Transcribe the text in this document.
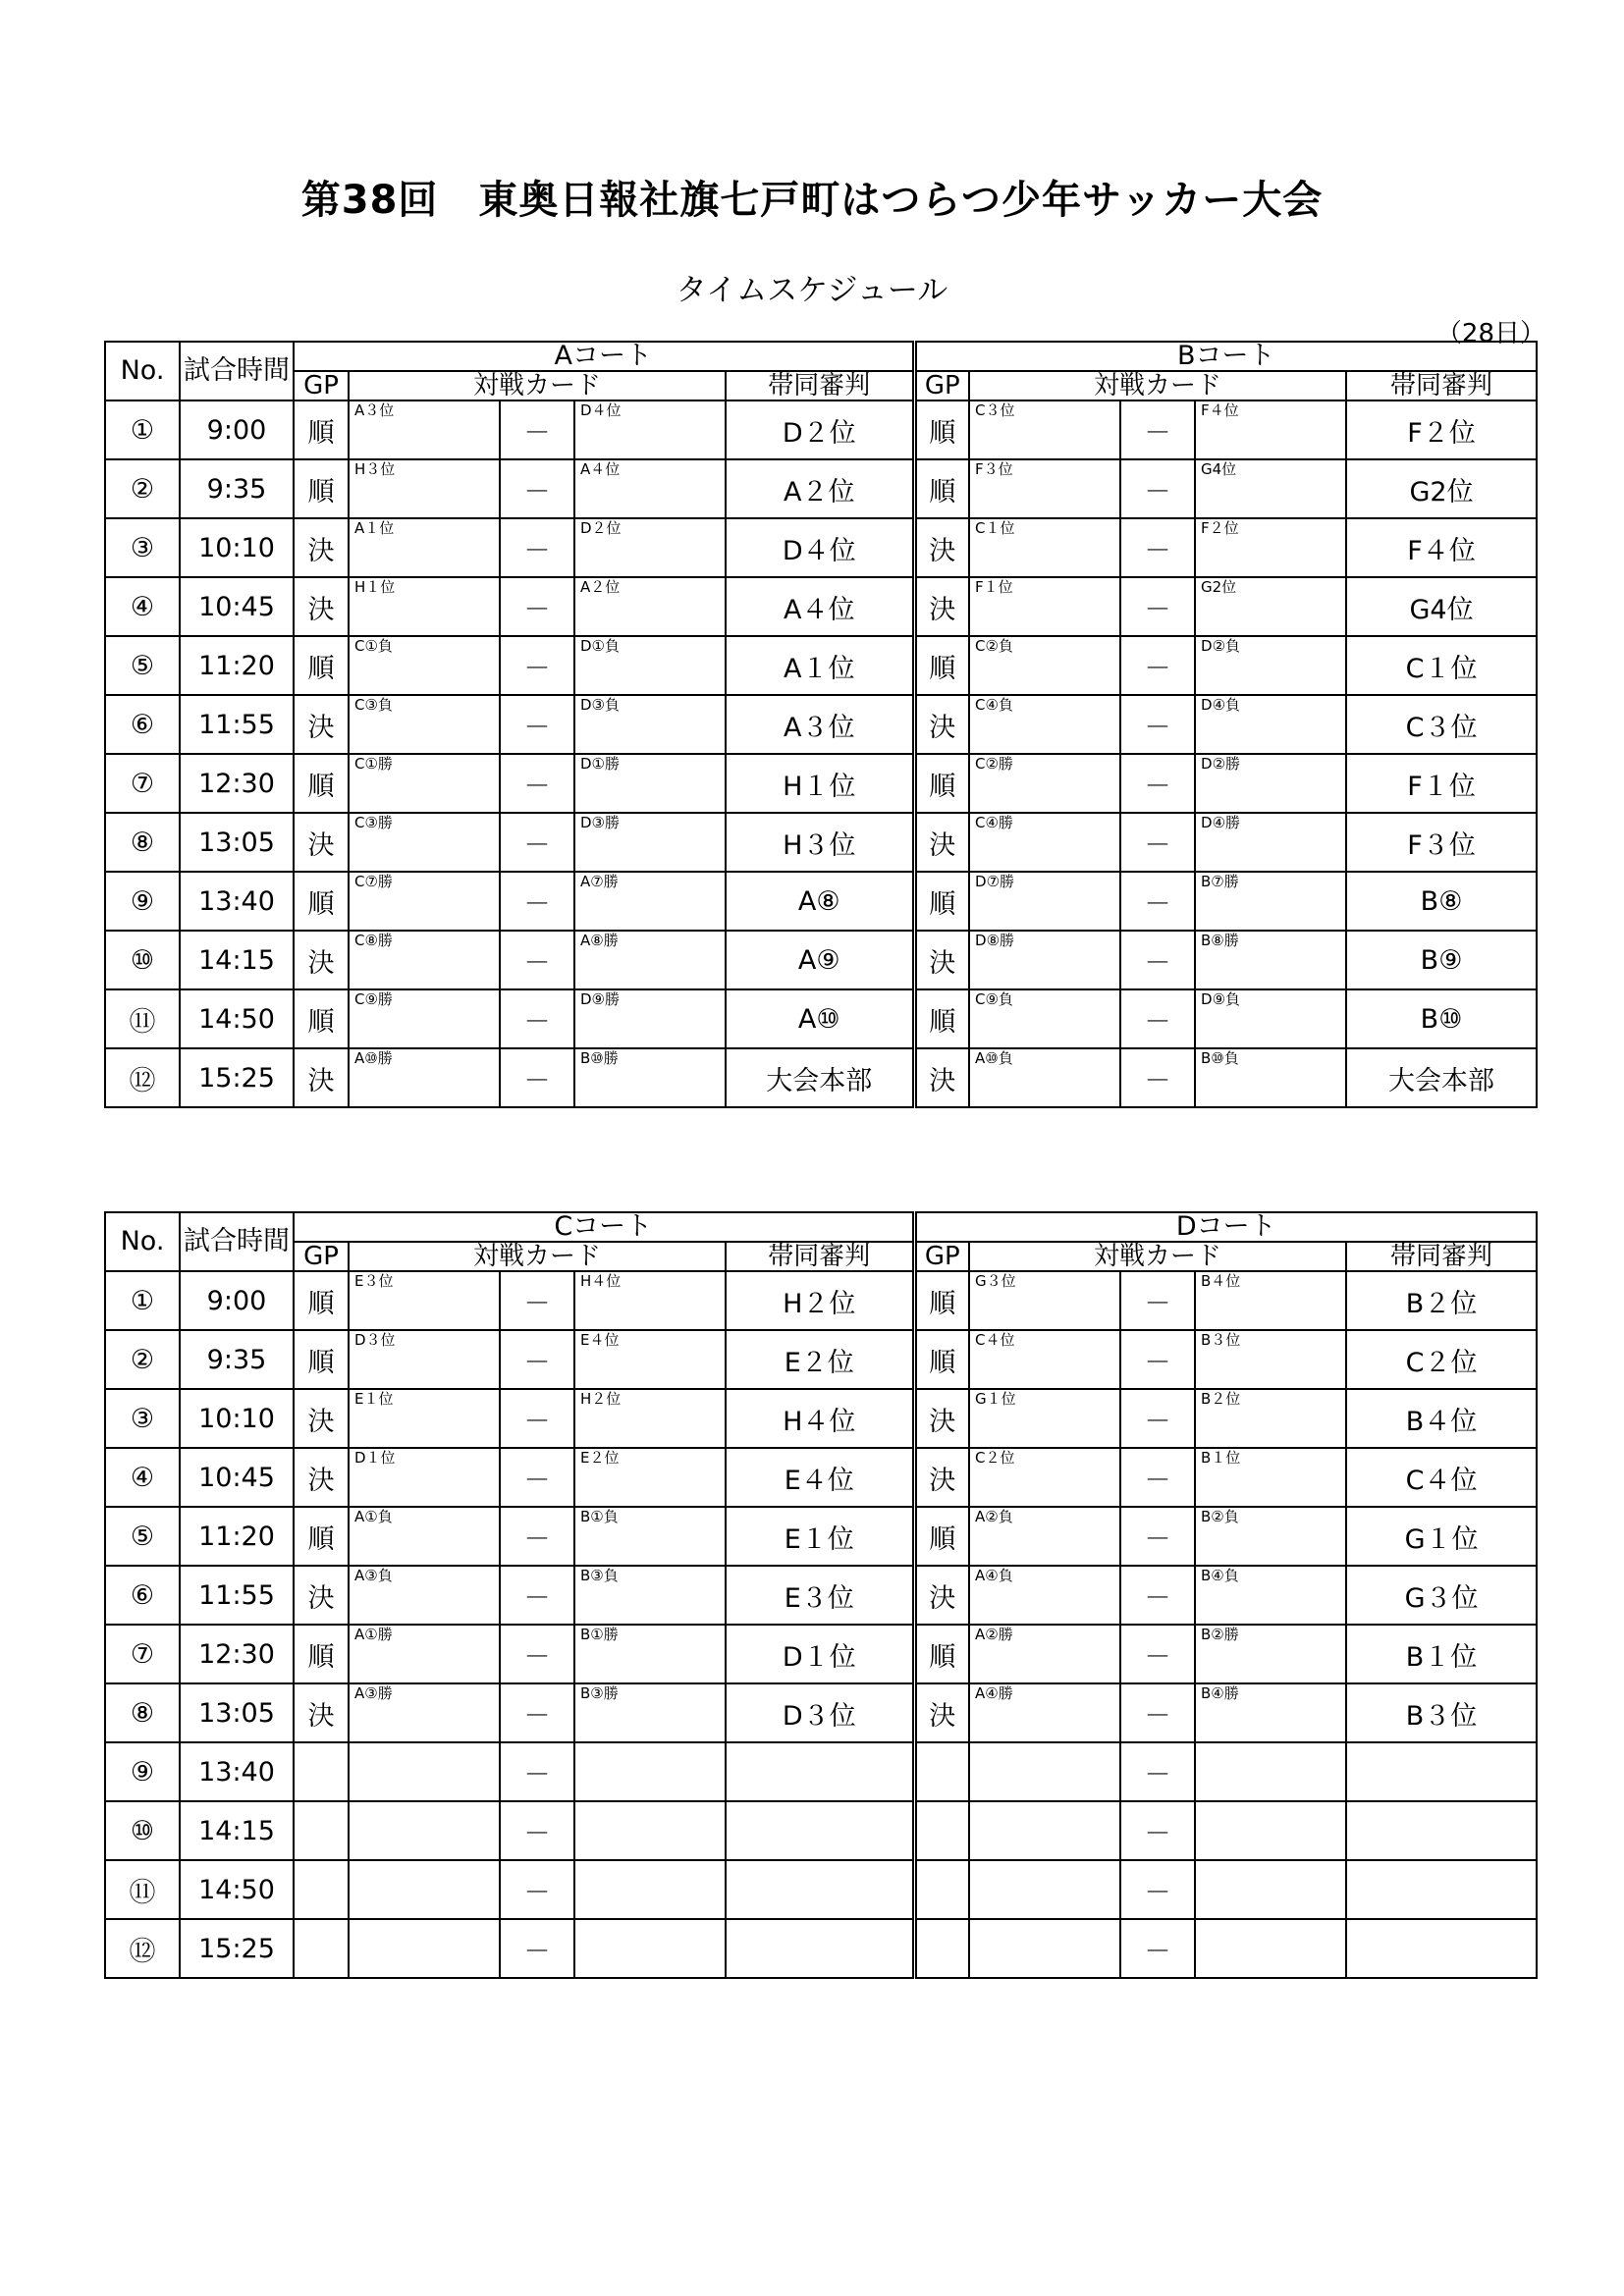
第38回　東奥日報社旗七戸町はつらつ少年サッカー大会
タイムスケジュール
（28日）
No.	試合時間	Aコート					Bコート				
		GP	対戦カード			帯同審判	GP	対戦カード			帯同審判
①	9:00	順	A３位	－	D４位	D２位	順	C３位	－	F４位	F２位
②	9:35	順	H３位	－	A４位	A２位	順	F３位	－	G4位	G2位
③	10:10	決	A１位	－	D２位	D４位	決	C１位	－	F２位	F４位
④	10:45	決	H１位	－	A２位	A４位	決	F１位	－	G2位	G4位
⑤	11:20	順	C①負	－	D①負	A１位	順	C②負	－	D②負	C１位
⑥	11:55	決	C③負	－	D③負	A３位	決	C④負	－	D④負	C３位
⑦	12:30	順	C①勝	－	D①勝	H１位	順	C②勝	－	D②勝	F１位
⑧	13:05	決	C③勝	－	D③勝	H３位	決	C④勝	－	D④勝	F３位
⑨	13:40	順	C⑦勝	－	A⑦勝	A⑧	順	D⑦勝	－	B⑦勝	B⑧
⑩	14:15	決	C⑧勝	－	A⑧勝	A⑨	決	D⑧勝	－	B⑧勝	B⑨
⑪	14:50	順	C⑨勝	－	D⑨勝	A⑩	順	C⑨負	－	D⑨負	B⑩
⑫	15:25	決	A⑩勝	－	B⑩勝	大会本部	決	A⑩負	－	B⑩負	大会本部
No.	試合時間	Cコート					Dコート				
		GP	対戦カード			帯同審判	GP	対戦カード			帯同審判
①	9:00	順	E３位	－	H４位	H２位	順	G３位	－	B４位	B２位
②	9:35	順	D３位	－	E４位	E２位	順	C４位	－	B３位	C２位
③	10:10	決	E１位	－	H２位	H４位	決	G１位	－	B２位	B４位
④	10:45	決	D１位	－	E２位	E４位	決	C２位	－	B１位	C４位
⑤	11:20	順	A①負	－	B①負	E１位	順	A②負	－	B②負	G１位
⑥	11:55	決	A③負	－	B③負	E３位	決	A④負	－	B④負	G３位
⑦	12:30	順	A①勝	－	B①勝	D１位	順	A②勝	－	B②勝	B１位
⑧	13:05	決	A③勝	－	B③勝	D３位	決	A④勝	－	B④勝	B３位
⑨	13:40			－					－	

⑩	14:15			－					－	

⑪	14:50			－					－	

⑫	15:25			－					－	
